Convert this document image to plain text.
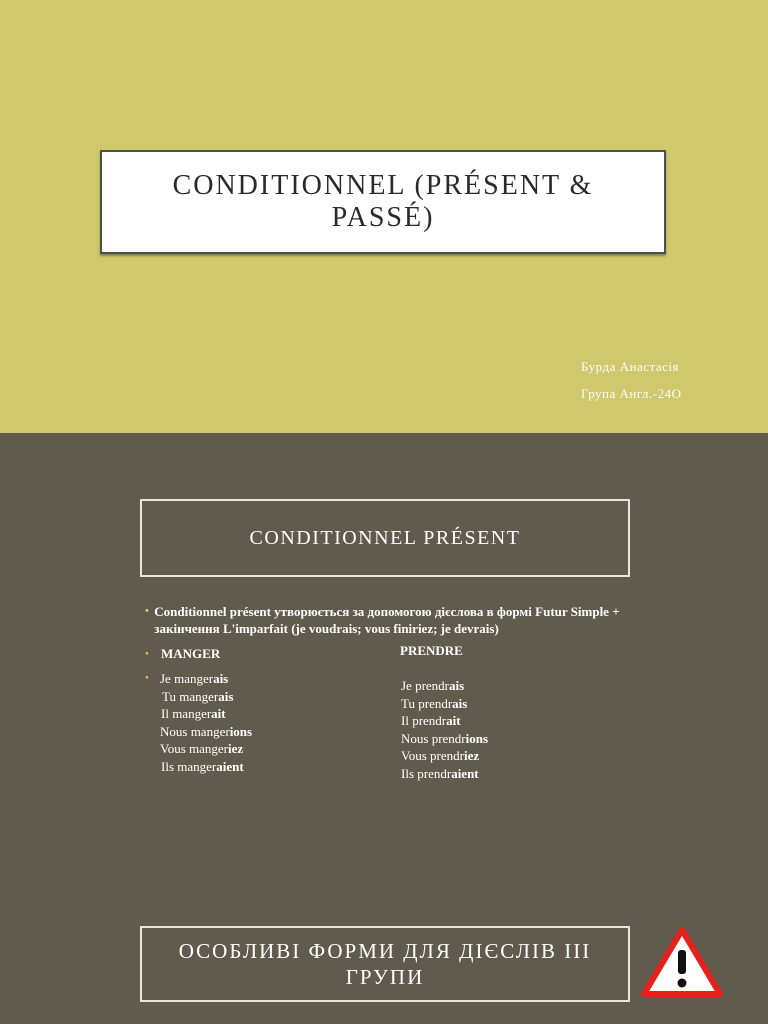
CONDITIONNEL (PRÉSENT & PASSÉ)
Бурда Анастасія
Група Англ.-24О
CONDITIONNEL PRÉSENT
• Conditionnel présent утворюється за допомогою дієслова в формі Futur Simple + закінчення L'imparfait (je voudrais; vous finiriez; je devrais)
• MANGER
• Je mangerais
Tu mangerais
Il mangerait
Nous mangerions
Vous mangeriez
Ils mangeraient
PRENDRE
Je prendrais
Tu prendrais
Il prendrait
Nous prendrions
Vous prendriez
Ils prendraient
ОСОБЛИВІ ФОРМИ ДЛЯ ДІЄСЛІВ ІІІ ГРУПИ
